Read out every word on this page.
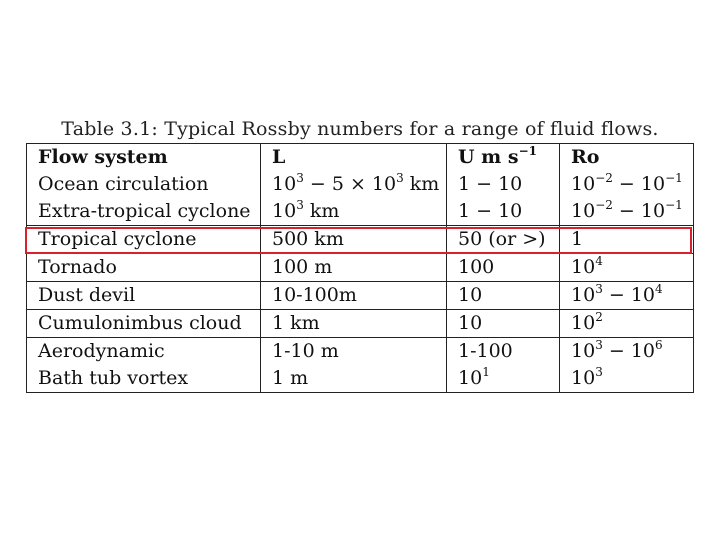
Table 3.1: Typical Rossby numbers for a range of fluid flows.
Flow system	L	U m $s^{-1}$	Ro
Ocean circulation	$10^3 - 5 \times 10^3$ km	1 − 10	$10^{-2} - 10^{-1}$
Extra-tropical cyclone	$10^3$ km	1 − 10	$10^{-2} - 10^{-1}$
Tropical cyclone	500 km	50 (or >)	1
Tornado	100 m	100	$10^4$
Dust devil	10-100m	10	$10^3 - 10^4$
Cumulonimbus cloud	1 km	10	$10^2$
Aerodynamic	1-10 m	1-100	$10^3 - 10^6$
Bath tub vortex	1 m	$10^1$	$10^3$
